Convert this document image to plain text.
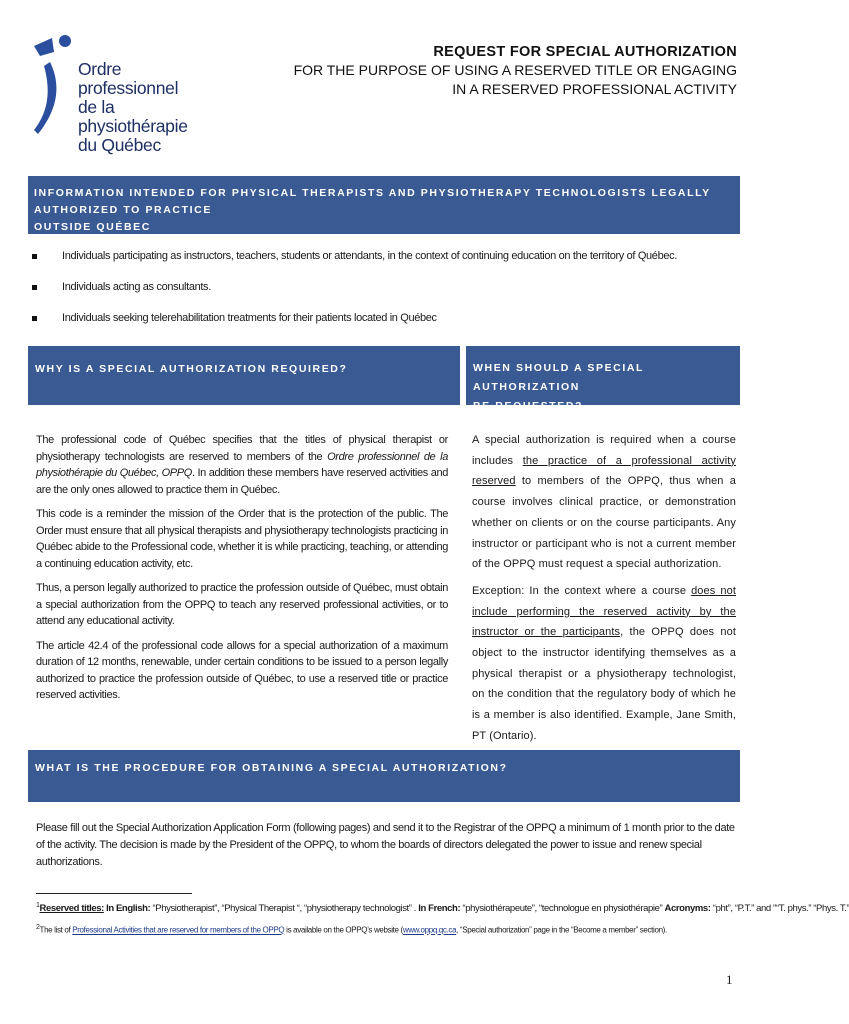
Ordre professionnel
de la physiothérapie
du Québec
REQUEST FOR SPECIAL AUTHORIZATION
FOR THE PURPOSE OF USING A RESERVED TITLE OR ENGAGING
IN A RESERVED PROFESSIONAL ACTIVITY
INFORMATION INTENDED FOR PHYSICAL THERAPISTS AND PHYSIOTHERAPY TECHNOLOGISTS LEGALLY AUTHORIZED TO PRACTICE
OUTSIDE QUÉBEC
Individuals participating as instructors, teachers, students or attendants, in the context of continuing education on the territory of Québec.
Individuals acting as consultants.
Individuals seeking telerehabilitation treatments for their patients located in Québec
WHY IS A SPECIAL AUTHORIZATION REQUIRED?	WHEN SHOULD A SPECIAL AUTHORIZATION
BE REQUESTED?

The professional code of Québec specifies that the titles of physical therapist or physiotherapy technologists are reserved to members of the Ordre professionnel de la physiothérapie du Québec, OPPQ. In addition these members have reserved activities and are the only ones allowed to practice them in Québec.

This code is a reminder the mission of the Order that is the protection of the public. The Order must ensure that all physical therapists and physiotherapy technologists practicing in Québec abide to the Professional code, whether it is while practicing, teaching, or attending a continuing education activity, etc.

Thus, a person legally authorized to practice the profession outside of Québec, must obtain a special authorization from the OPPQ to teach any reserved professional activities, or to attend any educational activity.

The article 42.4 of the professional code allows for a special authorization of a maximum duration of 12 months, renewable, under certain conditions to be issued to a person legally authorized to practice the profession outside of Québec, to use a reserved title or practice reserved activities.

A special authorization is required when a course includes the practice of a professional activity reserved to members of the OPPQ, thus when a course involves clinical practice, or demonstration whether on clients or on the course participants. Any instructor or participant who is not a current member of the OPPQ must request a special authorization.

Exception: In the context where a course does not include performing the reserved activity by the instructor or the participants, the OPPQ does not object to the instructor identifying themselves as a physical therapist or a physiotherapy technologist, on the condition that the regulatory body of which he is a member is also identified. Example, Jane Smith, PT (Ontario).

WHAT IS THE PROCEDURE FOR OBTAINING A SPECIAL AUTHORIZATION?
Please fill out the Special Authorization Application Form (following pages) and send it to the Registrar of the OPPQ a minimum of 1 month prior to the date of the activity. The decision is made by the President of the OPPQ, to whom the boards of directors delegated the power to issue and renew special authorizations.
$^1$Reserved titles: In English: “Physiotherapist”, “Physical Therapist “, “physiotherapy technologist” . In French: “physiothérapeute”, “technologue en physiothérapie” Acronyms: “pht”, “P.T.” and "“T. phys.” “Phys. T.”
$^2$The list of Professional Activities that are reserved for members of the OPPQ is available on the OPPQ’s website (www.oppq.qc.ca, “Special authorization” page in the “Become a member” section).
1
